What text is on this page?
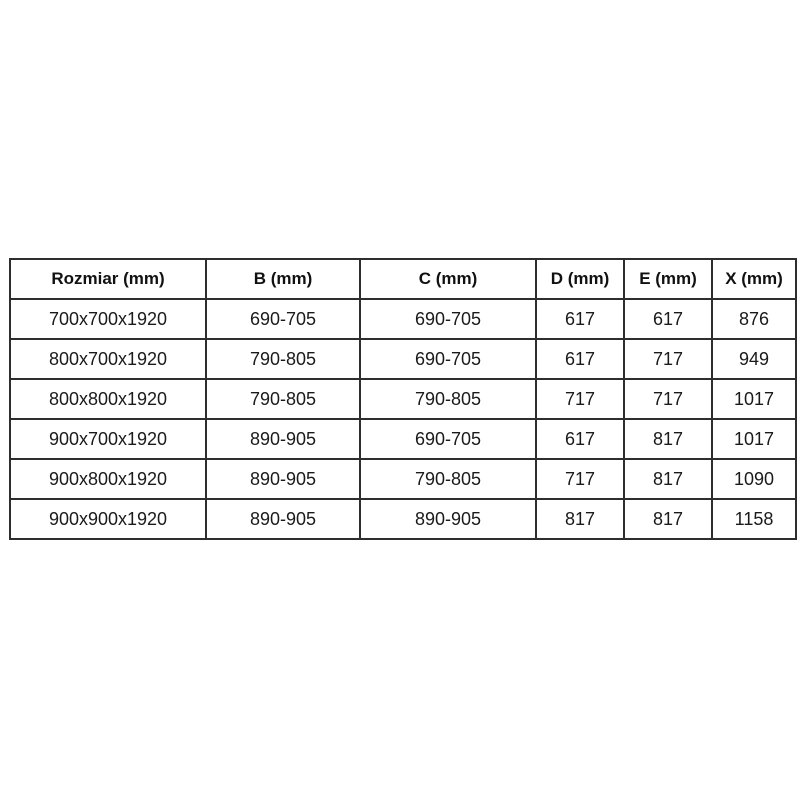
Rozmiar (mm)	B (mm)	C (mm)	D (mm)	E (mm)	X (mm)
700x700x1920	690-705	690-705	617	617	876
800x700x1920	790-805	690-705	617	717	949
800x800x1920	790-805	790-805	717	717	1017
900x700x1920	890-905	690-705	617	817	1017
900x800x1920	890-905	790-805	717	817	1090
900x900x1920	890-905	890-905	817	817	1158
